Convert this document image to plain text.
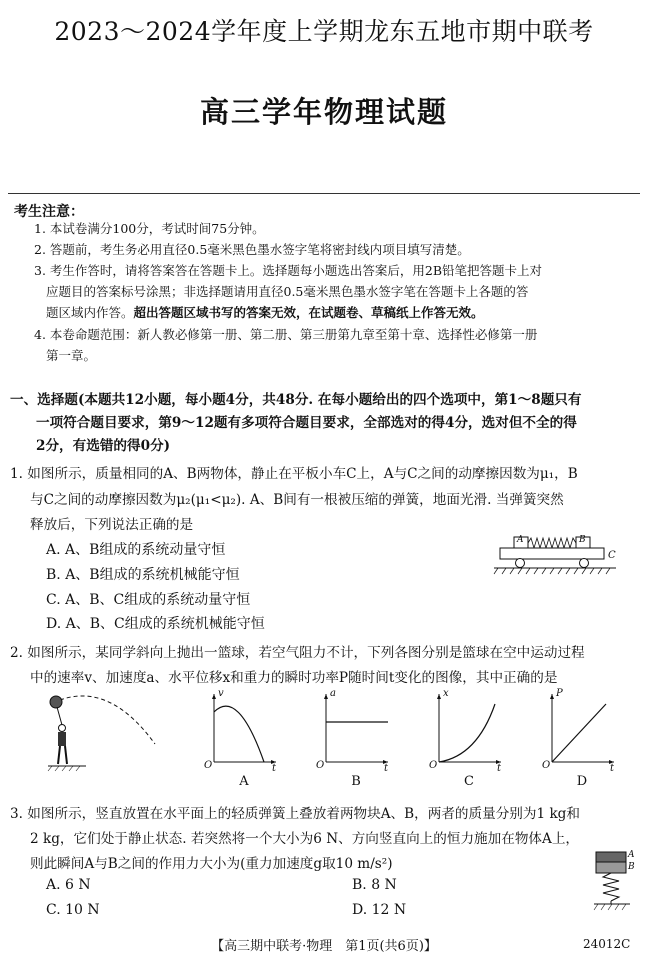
2023～2024学年度上学期龙东五地市期中联考
高三学年物理试题
考生注意：
1. 本试卷满分100分，考试时间75分钟。
2. 答题前，考生务必用直径0.5毫米黑色墨水签字笔将密封线内项目填写清楚。
3. 考生作答时，请将答案答在答题卡上。选择题每小题选出答案后，用2B铅笔把答题卡上对
应题目的答案标号涂黑；非选择题请用直径0.5毫米黑色墨水签字笔在答题卡上各题的答
题区域内作答。超出答题区域书写的答案无效，在试题卷、草稿纸上作答无效。
4. 本卷命题范围：新人教必修第一册、第二册、第三册第九章至第十章、选择性必修第一册
第一章。
一、选择题(本题共12小题，每小题4分，共48分. 在每小题给出的四个选项中，第1～8题只有
一项符合题目要求，第9～12题有多项符合题目要求，全部选对的得4分，选对但不全的得
2分，有选错的得0分)
1. 如图所示，质量相同的A、B两物体，静止在平板小车C上，A与C之间的动摩擦因数为μ₁，B
与C之间的动摩擦因数为μ₂(μ₁<μ₂). A、B间有一根被压缩的弹簧，地面光滑. 当弹簧突然
释放后，下列说法正确的是
A. A、B组成的系统动量守恒
B. A、B组成的系统机械能守恒
C. A、B、C组成的系统动量守恒
D. A、B、C组成的系统机械能守恒
A	B
C
2. 如图所示，某同学斜向上抛出一篮球，若空气阻力不计，下列各图分别是篮球在空中运动过程
中的速率v、加速度a、水平位移x和重力的瞬时功率P随时间t变化的图像，其中正确的是
v
t
O
A
a
t
O
B
x
t
O
C
P
t
O
D
3. 如图所示，竖直放置在水平面上的轻质弹簧上叠放着两物块A、B，两者的质量分别为1 kg和
2 kg，它们处于静止状态. 若突然将一个大小为6 N、方向竖直向上的恒力施加在物体A上，
则此瞬间A与B之间的作用力大小为(重力加速度g取10 m/s²)
A. 6 N	B. 8 N
C. 10 N	D. 12 N
A
B
【高三期中联考·物理　第1页(共6页)】	24012C
